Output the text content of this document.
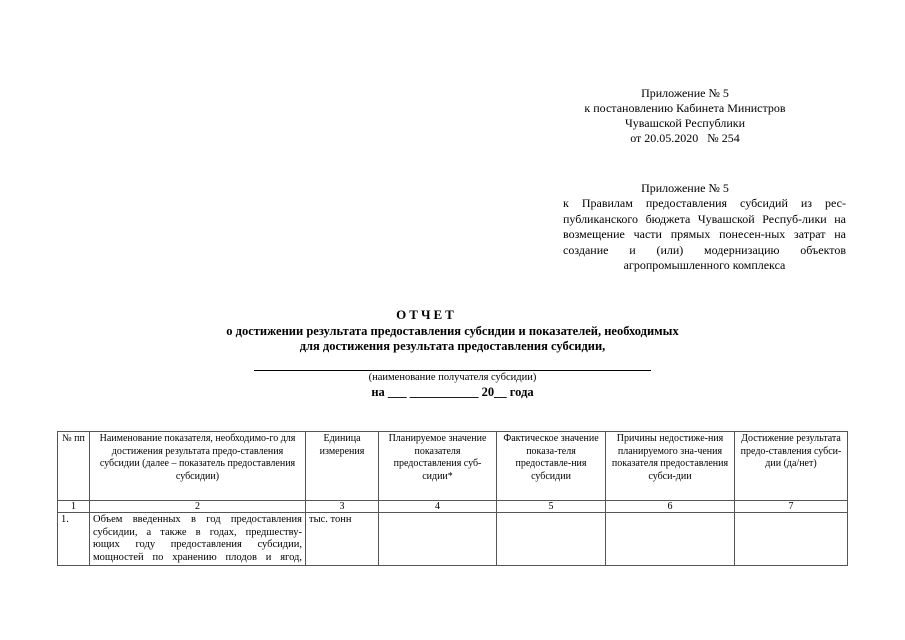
Приложение № 5
к постановлению Кабинета Министров
Чувашской Республики
от 20.05.2020   № 254
Приложение № 5
к Правилам предоставления субсидий из рес-публиканского бюджета Чувашской Респуб-лики на возмещение части прямых понесен-ных затрат на создание и (или) модернизацию объектов агропромышленного комплекса
ОТЧЕТ
о достижении результата предоставления субсидии и показателей, необходимых
для достижения результата предоставления субсидии,
(наименование получателя субсидии)
на ___ ___________ 20__ года
№ пп	Наименование показателя, необходимо-го для достижения результата предо-ставления субсидии (далее – показатель предоставления субсидии)	Единица измерения	Планируемое значение показателя предоставления суб-сидии*	Фактическое значение показа-теля предоставле-ния субсидии	Причины недостиже-ния планируемого зна-чения показателя предоставления субси-дии	Достижение результата предо-ставления субси-дии (да/нет)
1	2	3	4	5	6	7
1.	Объем введенных в год предоставления
субсидии, а также в годах, предшеству-
ющих году предоставления субсидии,
мощностей по хранению плодов и ягод,	тыс. тонн				
